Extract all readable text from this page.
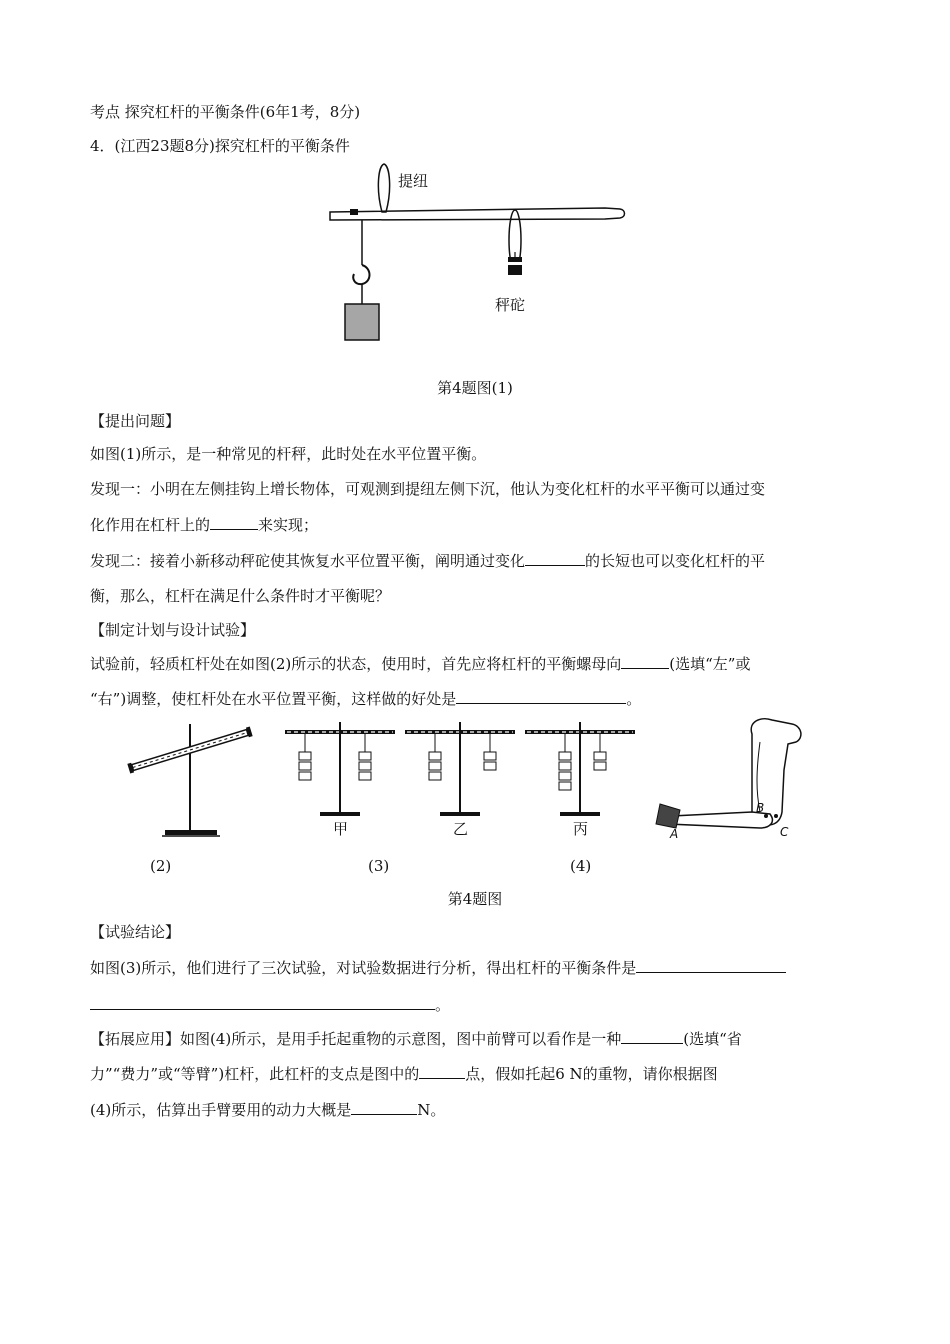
考点 探究杠杆的平衡条件(6年1考，8分)
4．(江西23题8分)探究杠杆的平衡条件
提纽
秤砣
第4题图(1)
【提出问题】
如图(1)所示，是一种常见的杆秤，此时处在水平位置平衡。
发现一：小明在左侧挂钩上增长物体，可观测到提纽左侧下沉，他认为变化杠杆的水平平衡可以通过变
化作用在杠杆上的	来实现；
发现二：接着小新移动秤砣使其恢复水平位置平衡，阐明通过变化	的长短也可以变化杠杆的平
衡，那么，杠杆在满足什么条件时才平衡呢？
【制定计划与设计试验】
试验前，轻质杠杆处在如图(2)所示的状态，使用时，首先应将杠杆的平衡螺母向	(选填“左”或
“右”)调整，使杠杆处在水平位置平衡，这样做的好处是	。
甲	乙	丙	A
B
C
(2)	(3)	(4)
第4题图
【试验结论】
如图(3)所示，他们进行了三次试验，对试验数据进行分析，得出杠杆的平衡条件是
。
【拓展应用】如图(4)所示，是用手托起重物的示意图，图中前臂可以看作是一种	(选填“省
力”“费力”或“等臂”)杠杆，此杠杆的支点是图中的	点，假如托起6 N的重物，请你根据图
(4)所示，估算出手臂要用的动力大概是	N。
